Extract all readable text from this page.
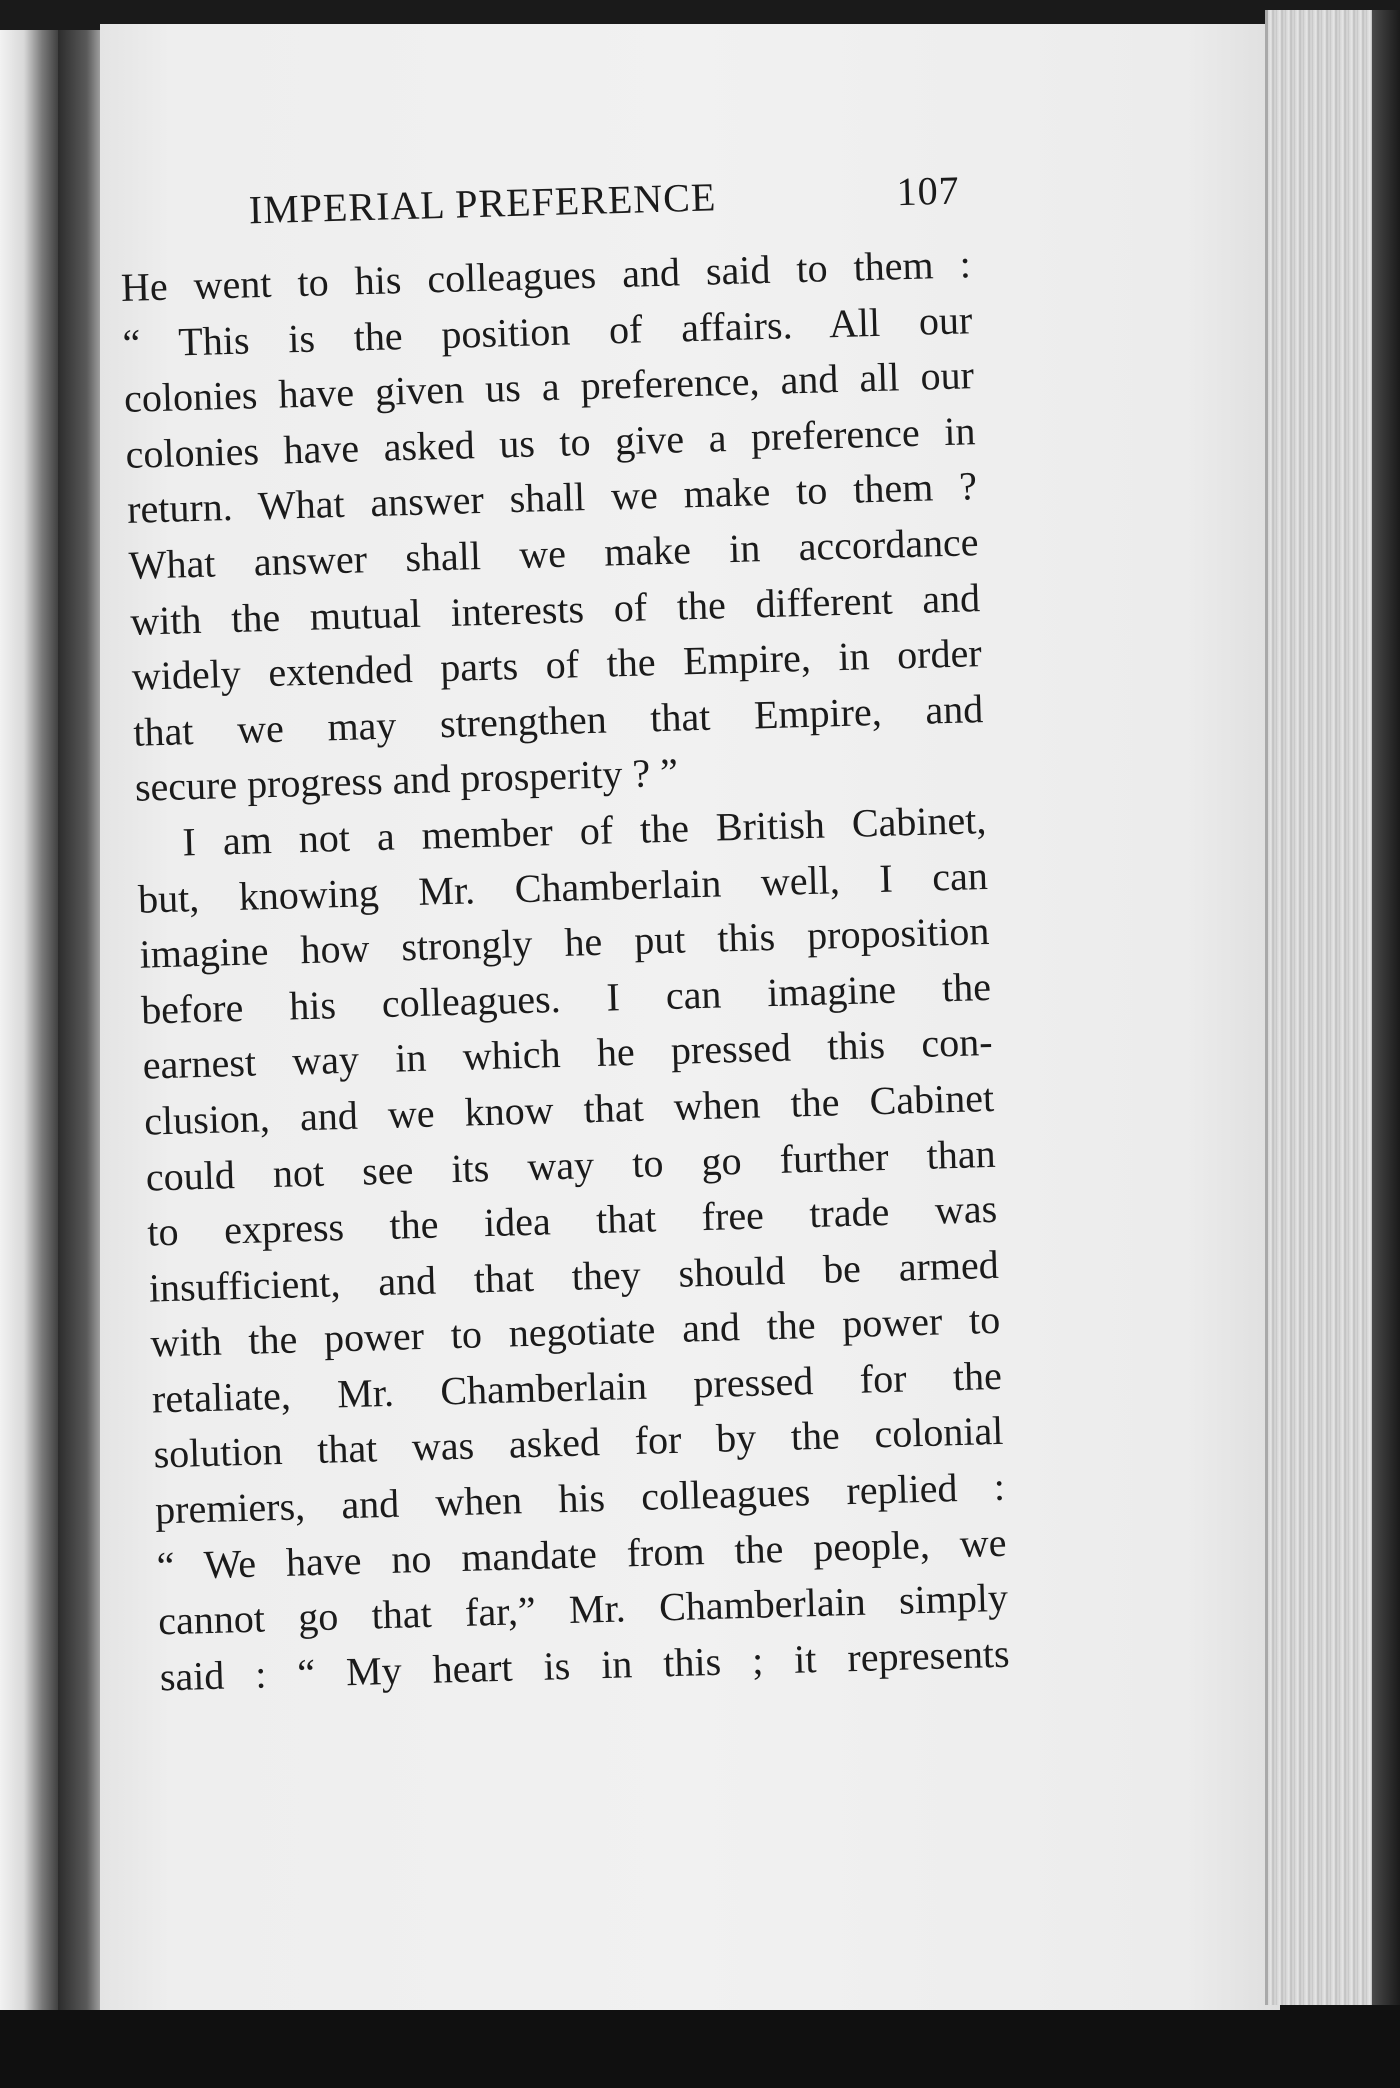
IMPERIAL PREFERENCE	107
He went to his colleagues and said to them :
“ This is the position of affairs. All our
colonies have given us a preference, and all our
colonies have asked us to give a preference in
return. What answer shall we make to them ?
What answer shall we make in accordance
with the mutual interests of the different and
widely extended parts of the Empire, in order
that we may strengthen that Empire, and
secure progress and prosperity ? ”
I am not a member of the British Cabinet,
but, knowing Mr. Chamberlain well, I can
imagine how strongly he put this proposition
before his colleagues. I can imagine the
earnest way in which he pressed this con-
clusion, and we know that when the Cabinet
could not see its way to go further than
to express the idea that free trade was
insufficient, and that they should be armed
with the power to negotiate and the power to
retaliate, Mr. Chamberlain pressed for the
solution that was asked for by the colonial
premiers, and when his colleagues replied :
“ We have no mandate from the people, we
cannot go that far,” Mr. Chamberlain simply
said : “ My heart is in this ; it represents
